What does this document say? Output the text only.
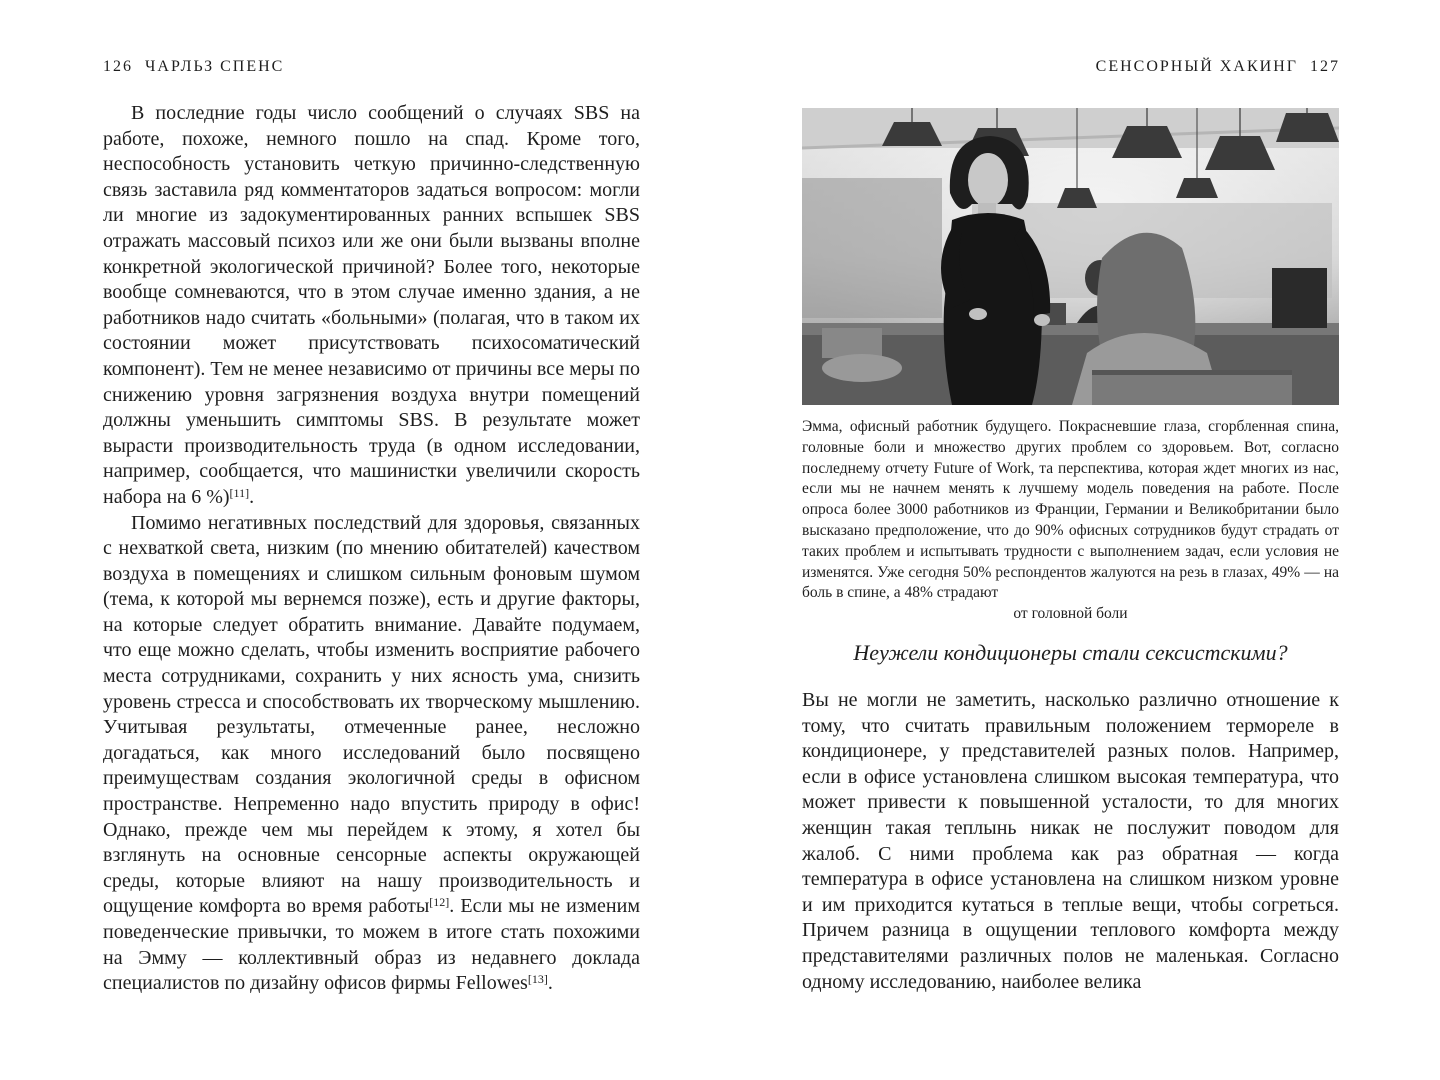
126 ЧАРЛЬЗ СПЕНС

В последние годы число сообщений о случаях SBS на работе, похоже, немного пошло на спад. Кроме того, неспособность установить четкую причинно-следственную связь заставила ряд комментаторов задаться вопросом: могли ли многие из задокументированных ранних вспышек SBS отражать массовый психоз или же они были вызваны вполне конкретной экологической причиной? Более того, некоторые вообще сомневаются, что в этом случае именно здания, а не работников надо считать «больными» (полагая, что в таком их состоянии может присутствовать психосоматический компонент). Тем не менее независимо от причины все меры по снижению уровня загрязнения воздуха внутри помещений должны уменьшить симптомы SBS. В результате может вырасти производительность труда (в одном исследовании, например, сообщается, что машинистки увеличили скорость набора на 6 %)[11].

Помимо негативных последствий для здоровья, связанных с нехваткой света, низким (по мнению обитателей) качеством воздуха в помещениях и слишком сильным фоновым шумом (тема, к которой мы вернемся позже), есть и другие факторы, на которые следует обратить внимание. Давайте подумаем, что еще можно сделать, чтобы изменить восприятие рабочего места сотрудниками, сохранить у них ясность ума, снизить уровень стресса и способствовать их творческому мышлению. Учитывая результаты, отмеченные ранее, несложно догадаться, как много исследований было посвящено преимуществам создания экологичной среды в офисном пространстве. Непременно надо впустить природу в офис! Однако, прежде чем мы перейдем к этому, я хотел бы взглянуть на основные сенсорные аспекты окружающей среды, которые влияют на нашу производительность и ощущение комфорта во время работы[12]. Если мы не изменим поведенческие привычки, то можем в итоге стать похожими на Эмму — коллективный образ из недавнего доклада специалистов по дизайну офисов фирмы Fellowes[13].

СЕНСОРНЫЙ ХАКИНГ 127
Эмма, офисный работник будущего. Покрасневшие глаза, сгорбленная спина, головные боли и множество других проблем со здоровьем. Вот, согласно последнему отчету Future of Work, та перспектива, которая ждет многих из нас, если мы не начнем менять к лучшему модель поведения на работе. После опроса более 3000 работников из Франции, Германии и Великобритании было высказано предположение, что до 90% офисных сотрудников будут страдать от таких проблем и испытывать трудности с выполнением задач, если условия не изменятся. Уже сегодня 50% респондентов жалуются на резь в глазах, 49% — на боль в спине, а 48% страдают
от головной боли
Неужели кондиционеры стали сексистскими?

Вы не могли не заметить, насколько различно отношение к тому, что считать правильным положением термореле в кондиционере, у представителей разных полов. Например, если в офисе установлена слишком высокая температура, что может привести к повышенной усталости, то для многих женщин такая теплынь никак не послужит поводом для жалоб. С ними проблема как раз обратная — когда температура в офисе установлена на слишком низком уровне и им приходится кутаться в теплые вещи, чтобы согреться. Причем разница в ощущении теплового комфорта между представителями различных полов не маленькая. Согласно одному исследованию, наиболее велика
